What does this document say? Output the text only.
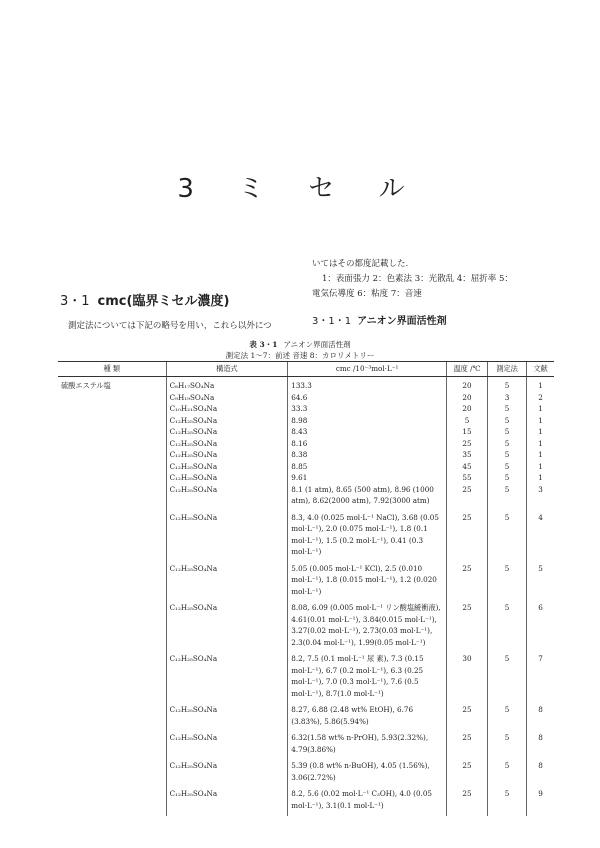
3 ミ セ ル
いてはその都度記載した.
1：表面張力 2：色素法 3：光散乱 4：屈折率 5：
電気伝導度 6：粘度 7：音速
3・1 cmc(臨界ミセル濃度)
3・1・1 アニオン界面活性剤
測定法については下記の略号を用い，これら以外につ
表 3・1 アニオン界面活性剤
測定法 1〜7：前述 音速 8：カロリメトリー
種 類	構造式	cmc /10⁻³mol·L⁻¹	温度 /℃	測定法	文献
硫酸エステル塩	C₈H₁₇SO₄Na	133.3	20	5	1
	C₉H₁₉SO₄Na	64.6	20	3	2
	C₁₀H₂₁SO₄Na	33.3	20	5	1
	C₁₂H₂₅SO₄Na	8.98	5	5	1
	C₁₂H₂₅SO₄Na	8.43	15	5	1
	C₁₂H₂₅SO₄Na	8.16	25	5	1
	C₁₂H₂₅SO₄Na	8.38	35	5	1
	C₁₂H₂₅SO₄Na	8.85	45	5	1
	C₁₂H₂₅SO₄Na	9.61	55	5	1
	C₁₂H₂₅SO₄Na	8.1 (1 atm), 8.65 (500 atm), 8.96 (1000 atm), 8.62(2000 atm), 7.92(3000 atm)	25	5	3
	C₁₂H₂₅SO₄Na	8.3, 4.0 (0.025 mol·L⁻¹ NaCl), 3.68 (0.05 mol·L⁻¹), 2.0 (0.075 mol·L⁻¹), 1.8 (0.1 mol·L⁻¹), 1.5 (0.2 mol·L⁻¹), 0.41 (0.3 mol·L⁻¹)	25	5	4
	C₁₂H₂₅SO₄Na	5.05 (0.005 mol·L⁻¹ KCl), 2.5 (0.010 mol·L⁻¹), 1.8 (0.015 mol·L⁻¹), 1.2 (0.020 mol·L⁻¹)	25	5	5
	C₁₂H₂₅SO₄Na	8.08, 6.09 (0.005 mol·L⁻¹ リン酸塩緩衝液), 4.61(0.01 mol·L⁻¹), 3.84(0.015 mol·L⁻¹), 3.27(0.02 mol·L⁻¹), 2.73(0.03 mol·L⁻¹), 2.3(0.04 mol·L⁻¹), 1.99(0.05 mol·L⁻¹)	25	5	6
	C₁₂H₂₅SO₄Na	8.2, 7.5 (0.1 mol·L⁻¹ 尿 素), 7.3 (0.15 mol·L⁻¹), 6.7 (0.2 mol·L⁻¹), 6.3 (0.25 mol·L⁻¹), 7.0 (0.3 mol·L⁻¹), 7.6 (0.5 mol·L⁻¹), 8.7(1.0 mol·L⁻¹)	30	5	7
	C₁₂H₂₅SO₄Na	8.27, 6.88 (2.48 wt% EtOH), 6.76 (3.83%), 5.86(5.94%)	25	5	8
	C₁₂H₂₅SO₄Na	6.32(1.58 wt% n-PrOH), 5.93(2.32%), 4.79(3.86%)	25	5	8
	C₁₂H₂₅SO₄Na	5.39 (0.8 wt% n-BuOH), 4.05 (1.56%), 3.06(2.72%)	25	5	8
	C₁₂H₂₅SO₄Na	8.2, 5.6 (0.02 mol·L⁻¹ C₃OH), 4.0 (0.05 mol·L⁻¹), 3.1(0.1 mol·L⁻¹)	25	5	9
